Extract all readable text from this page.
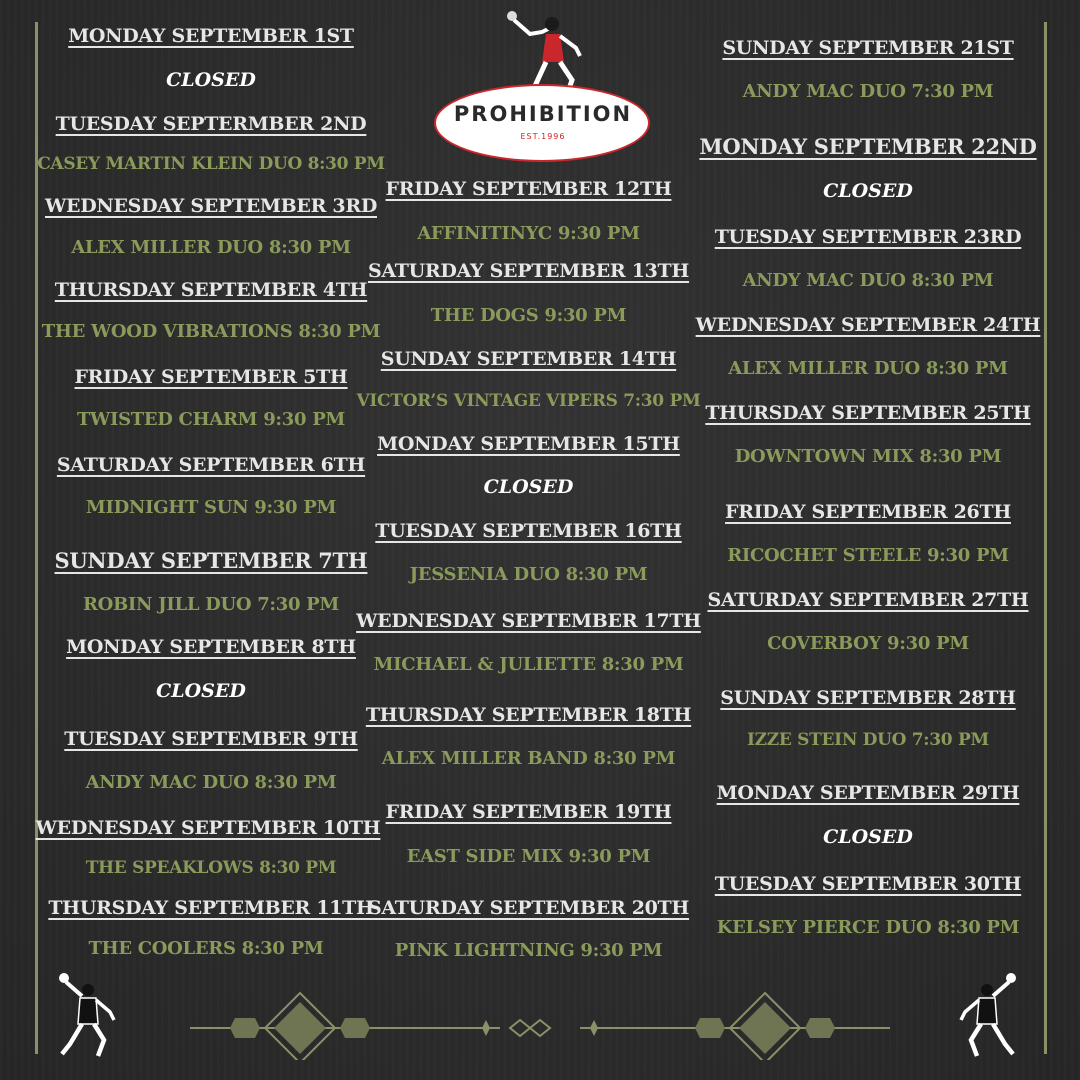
PROHIBITION
EST.1996
MONDAY SEPTEMBER 1ST
CLOSED
TUESDAY SEPTERMBER 2ND
CASEY MARTIN KLEIN DUO 8:30 PM
WEDNESDAY SEPTEMBER 3RD
ALEX MILLER DUO 8:30 PM
THURSDAY SEPTEMBER 4TH
THE WOOD VIBRATIONS 8:30 PM
FRIDAY SEPTEMBER 5TH
TWISTED CHARM 9:30 PM
SATURDAY SEPTEMBER 6TH
MIDNIGHT SUN 9:30 PM
SUNDAY SEPTEMBER 7TH
ROBIN JILL DUO 7:30 PM
MONDAY SEPTEMBER 8TH
CLOSED
TUESDAY SEPTEMBER 9TH
ANDY MAC DUO 8:30 PM
WEDNESDAY SEPTEMBER 10TH
THE SPEAKLOWS 8:30 PM
THURSDAY SEPTEMBER 11TH
THE COOLERS 8:30 PM
FRIDAY SEPTEMBER 12TH
AFFINITINYC 9:30 PM
SATURDAY SEPTEMBER 13TH
THE DOGS 9:30 PM
SUNDAY SEPTEMBER 14TH
VICTOR’S VINTAGE VIPERS 7:30 PM
MONDAY SEPTEMBER 15TH
CLOSED
TUESDAY SEPTEMBER 16TH
JESSENIA DUO 8:30 PM
WEDNESDAY SEPTEMBER 17TH
MICHAEL & JULIETTE 8:30 PM
THURSDAY SEPTEMBER 18TH
ALEX MILLER BAND 8:30 PM
FRIDAY SEPTEMBER 19TH
EAST SIDE MIX 9:30 PM
SATURDAY SEPTEMBER 20TH
PINK LIGHTNING 9:30 PM
SUNDAY SEPTEMBER 21ST
ANDY MAC DUO 7:30 PM
MONDAY SEPTEMBER 22ND
CLOSED
TUESDAY SEPTEMBER 23RD
ANDY MAC DUO 8:30 PM
WEDNESDAY SEPTEMBER 24TH
ALEX MILLER DUO 8:30 PM
THURSDAY SEPTEMBER 25TH
DOWNTOWN MIX 8:30 PM
FRIDAY SEPTEMBER 26TH
RICOCHET STEELE 9:30 PM
SATURDAY SEPTEMBER 27TH
COVERBOY 9:30 PM
SUNDAY SEPTEMBER 28TH
IZZE STEIN DUO 7:30 PM
MONDAY SEPTEMBER 29TH
CLOSED
TUESDAY SEPTEMBER 30TH
KELSEY PIERCE DUO 8:30 PM
